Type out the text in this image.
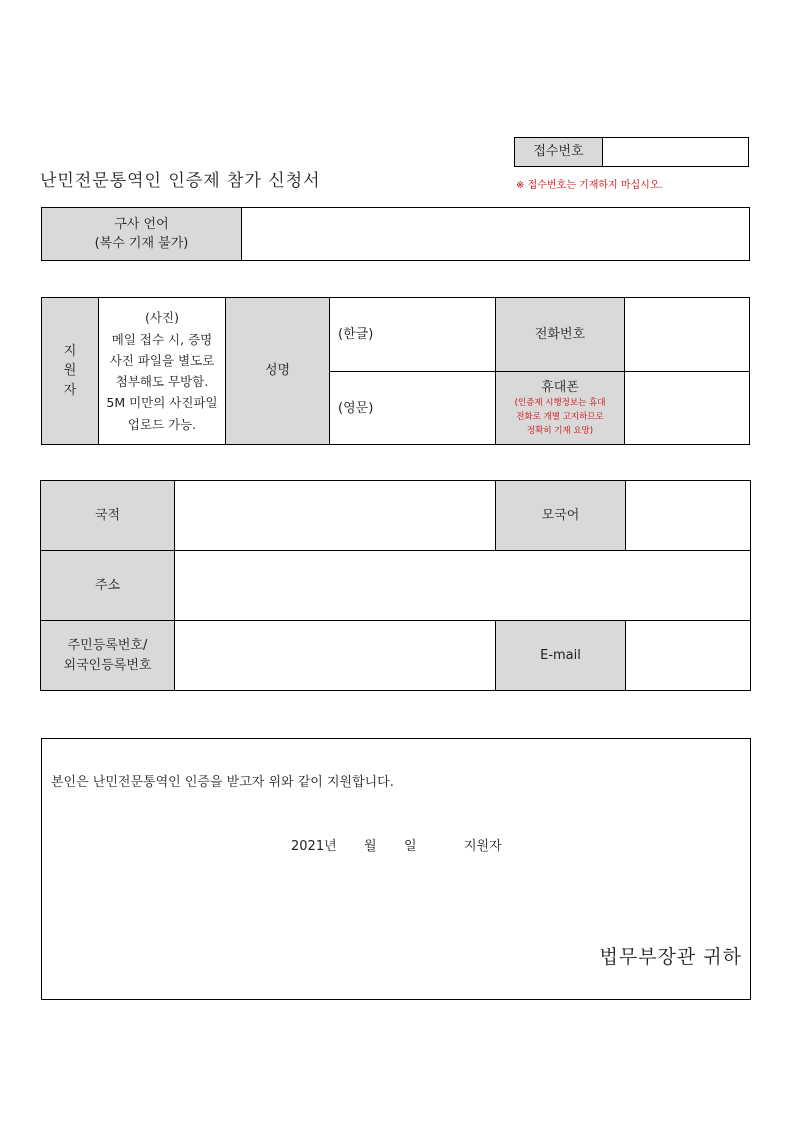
접수번호
※ 접수번호는 기재하지 마십시오.
난민전문통역인 인증제 참가 신청서
구사 언어
(복수 기재 불가)
지
원
자
(사진)
메일 접수 시, 증명
사진 파일을 별도로
첨부해도 무방함.
5M 미만의 사진파일
업로드 가능.
성명
(한글)
(영문)
전화번호
휴대폰
(인증제 시행정보는 휴대
전화로 개별 고지하므로
정확히 기재 요망)
국적	모국어
주소
주민등록번호/
외국인등록번호
E-mail
본인은 난민전문통역인 인증을 받고자 위와 같이 지원합니다.
2021년 월 일	지원자
법무부장관 귀하
